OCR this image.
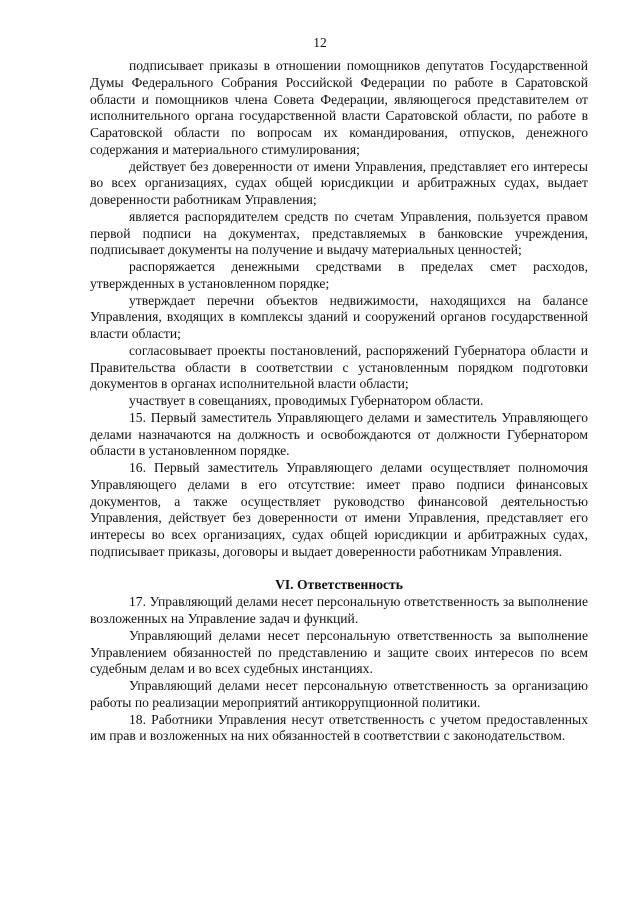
12

подписывает приказы в отношении помощников депутатов Государственной Думы Федерального Собрания Российской Федерации по работе в Саратовской области и помощников члена Совета Федерации, являющегося представителем от исполнительного органа государственной власти Саратовской области, по работе в Саратовской области по вопросам их командирования, отпусков, денежного содержания и материального стимулирования;

действует без доверенности от имени Управления, представляет его интересы во всех организациях, судах общей юрисдикции и арбитражных судах, выдает доверенности работникам Управления;

является распорядителем средств по счетам Управления, пользуется правом первой подписи на документах, представляемых в банковские учреждения, подписывает документы на получение и выдачу материальных ценностей;

распоряжается денежными средствами в пределах смет расходов, утвержденных в установленном порядке;

утверждает перечни объектов недвижимости, находящихся на балансе Управления, входящих в комплексы зданий и сооружений органов государственной власти области;

согласовывает проекты постановлений, распоряжений Губернатора области и Правительства области в соответствии с установленным порядком подготовки документов в органах исполнительной власти области;

участвует в совещаниях, проводимых Губернатором области.

15. Первый заместитель Управляющего делами и заместитель Управляющего делами назначаются на должность и освобождаются от должности Губернатором области в установленном порядке.

16. Первый заместитель Управляющего делами осуществляет полномочия Управляющего делами в его отсутствие: имеет право подписи финансовых документов, а также осуществляет руководство финансовой деятельностью Управления, действует без доверенности от имени Управления, представляет его интересы во всех организациях, судах общей юрисдикции и арбитражных судах, подписывает приказы, договоры и выдает доверенности работникам Управления.

VI. Ответственность

17. Управляющий делами несет персональную ответственность за выполнение возложенных на Управление задач и функций.

Управляющий делами несет персональную ответственность за выполнение Управлением обязанностей по представлению и защите своих интересов по всем судебным делам и во всех судебных инстанциях.

Управляющий делами несет персональную ответственность за организацию работы по реализации мероприятий антикоррупционной политики.

18. Работники Управления несут ответственность с учетом предоставленных им прав и возложенных на них обязанностей в соответствии с законодательством.
